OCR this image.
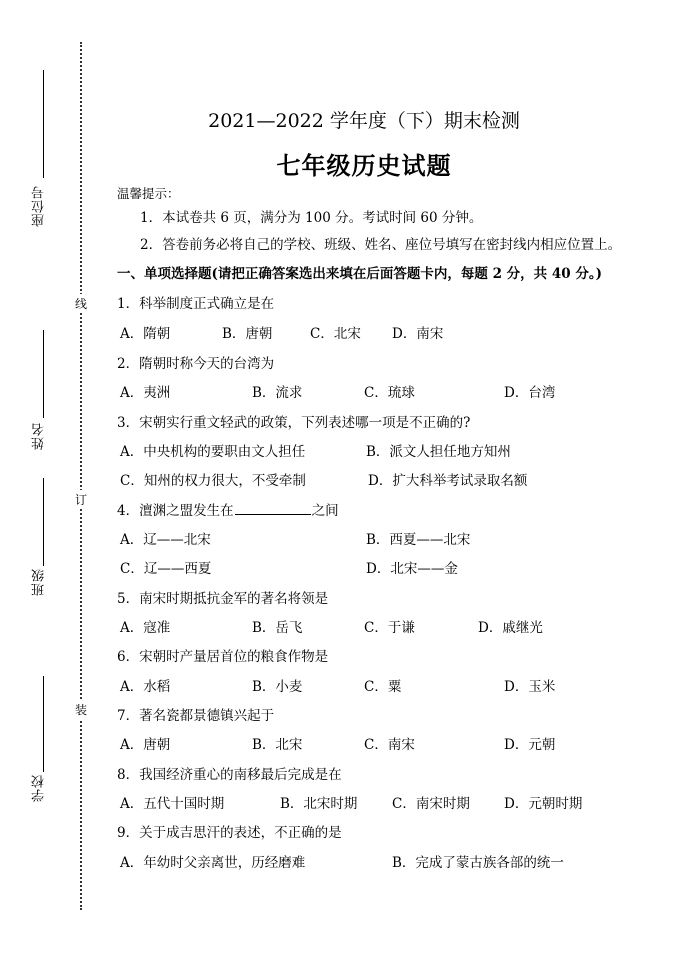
座位号
姓名
班级
学校
线
订
装
2021—2022 学年度（下）期末检测
七年级历史试题
温馨提示：
1．本试卷共 6 页，满分为 100 分。考试时间 60 分钟。
2．答卷前务必将自己的学校、班级、姓名、座位号填写在密封线内相应位置上。
一、单项选择题(请把正确答案选出来填在后面答题卡内，每题 2 分，共 40 分。)
1．科举制度正式确立是在
A．隋朝	B．唐朝	C．北宋 D．南宋
2．隋朝时称今天的台湾为
A．夷洲	B．流求	C．琉球	D．台湾
3．宋朝实行重文轻武的政策，下列表述哪一项是不正确的?
A．中央机构的要职由文人担任	B．派文人担任地方知州
C．知州的权力很大，不受牵制	D．扩大科举考试录取名额
4．澶渊之盟发生在	之间
A．辽——北宋	B．西夏——北宋
C．辽——西夏	D．北宋——金
5．南宋时期抵抗金军的著名将领是
A．寇准	B．岳飞	C．于谦	D．戚继光
6．宋朝时产量居首位的粮食作物是
A．水稻	B．小麦	C．粟	D．玉米
7．著名瓷都景德镇兴起于
A．唐朝	B．北宋	C．南宋	D．元朝
8．我国经济重心的南移最后完成是在
A．五代十国时期	B．北宋时期	C．南宋时期	D．元朝时期
9．关于成吉思汗的表述，不正确的是
A．年幼时父亲离世，历经磨难	B．完成了蒙古族各部的统一
